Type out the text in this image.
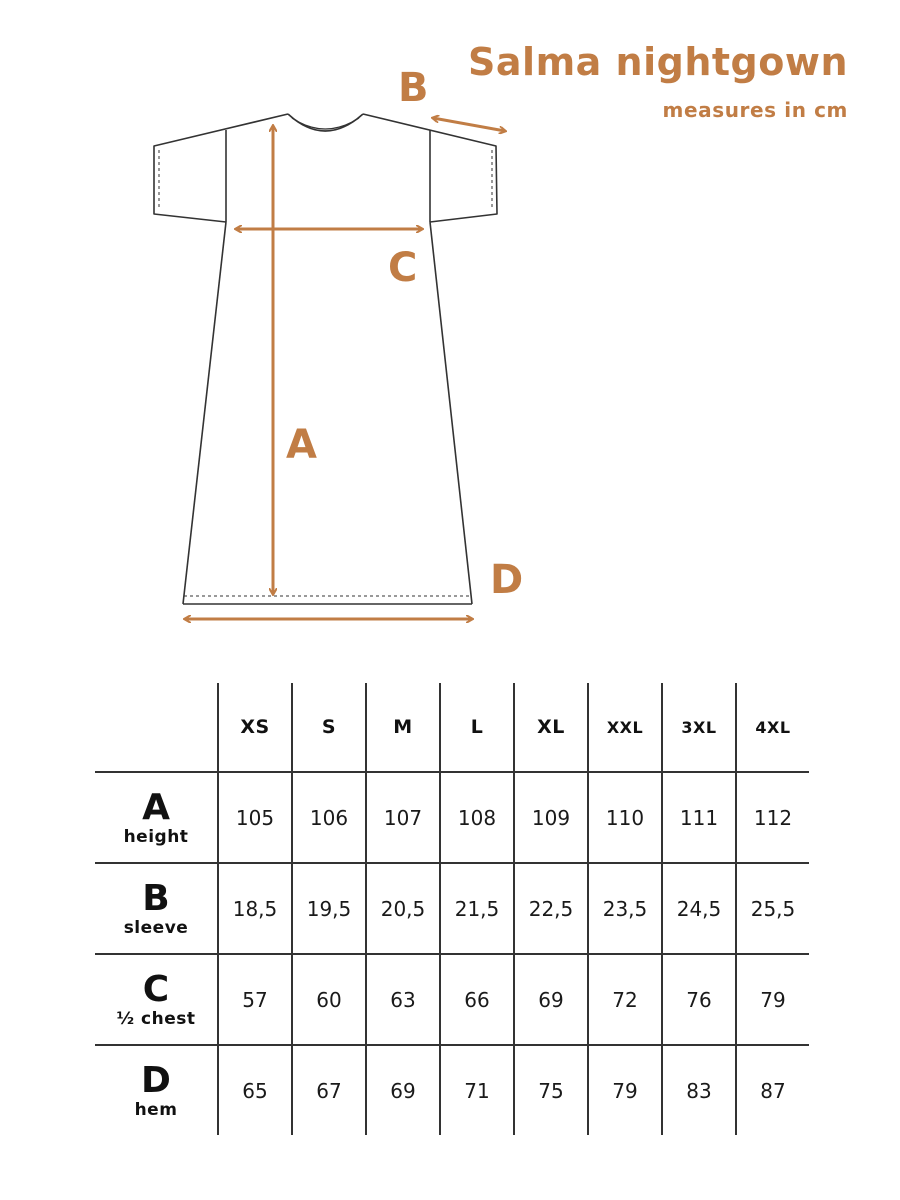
Salma nightgown
measures in cm
A
B
C
D
	XS	S	M	L	XL	XXL	3XL	4XL

A
height	105	106	107	108	109	110	111	112

B
sleeve	18,5	19,5	20,5	21,5	22,5	23,5	24,5	25,5

C
½ chest	57	60	63	66	69	72	76	79

D
hem	65	67	69	71	75	79	83	87
